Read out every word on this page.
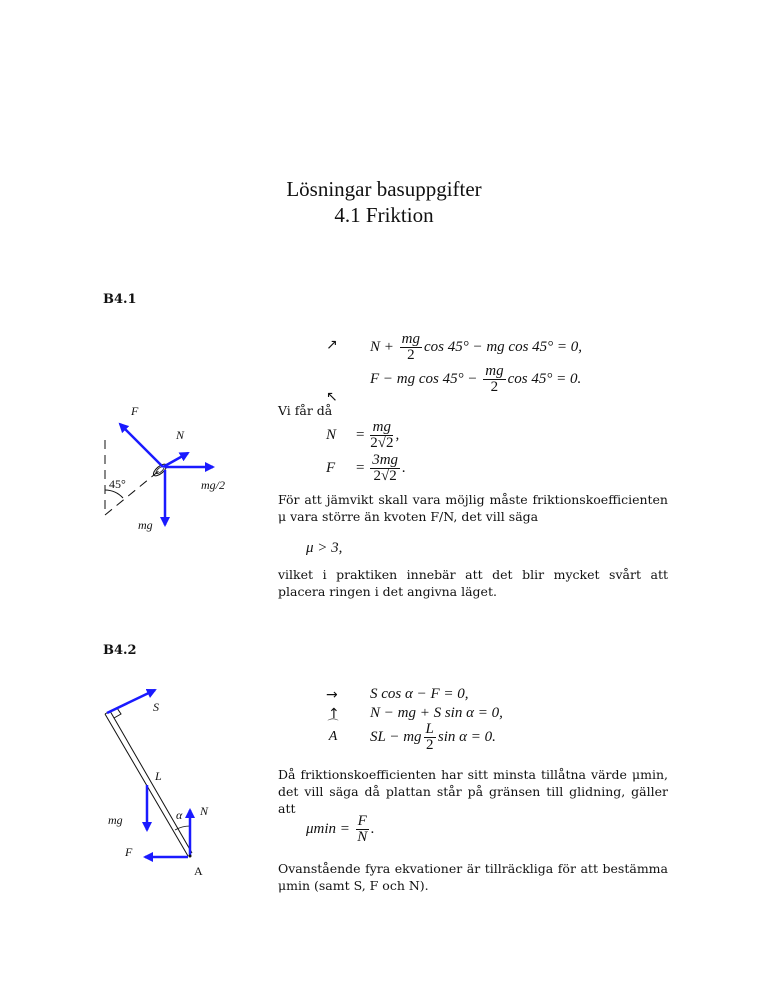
Lösningar basuppgifter
4.1 Friktion
B4.1
↗ $N + \frac{mg}{2}$ cos 45° − mg cos 45° = 0,
↖
F − mg $\cos 45^\circ - \frac{mg}{2}$ cos 45° = 0.
Vi får då
$N = \frac{mg}{2√2}$ ,
$F = \frac{3mg}{2√2}$ .
För att jämvikt skall vara möjlig måste friktionskoefficienten μ vara större än kvoten F/N, det vill säga
μ > 3,
vilket i praktiken innebär att det blir mycket svårt att placera ringen i det angivna läget.
F
N
45°	mg/2
mg
B4.2
→
↑
⌒
A
S cos α − F = 0,
N − mg + S sin α = 0,
SL − mg $\frac{L}{2}$ sin α = 0.
Då friktionskoefficienten har sitt minsta tillåtna värde μmin, det vill säga då plattan står på gränsen till glidning, gäller att
$\mu\min = \frac{F}{N}$ .
Ovanstående fyra ekvationer är tillräckliga för att bestämma μmin (samt S, F och N).
S
L
mg	α N
F
A
